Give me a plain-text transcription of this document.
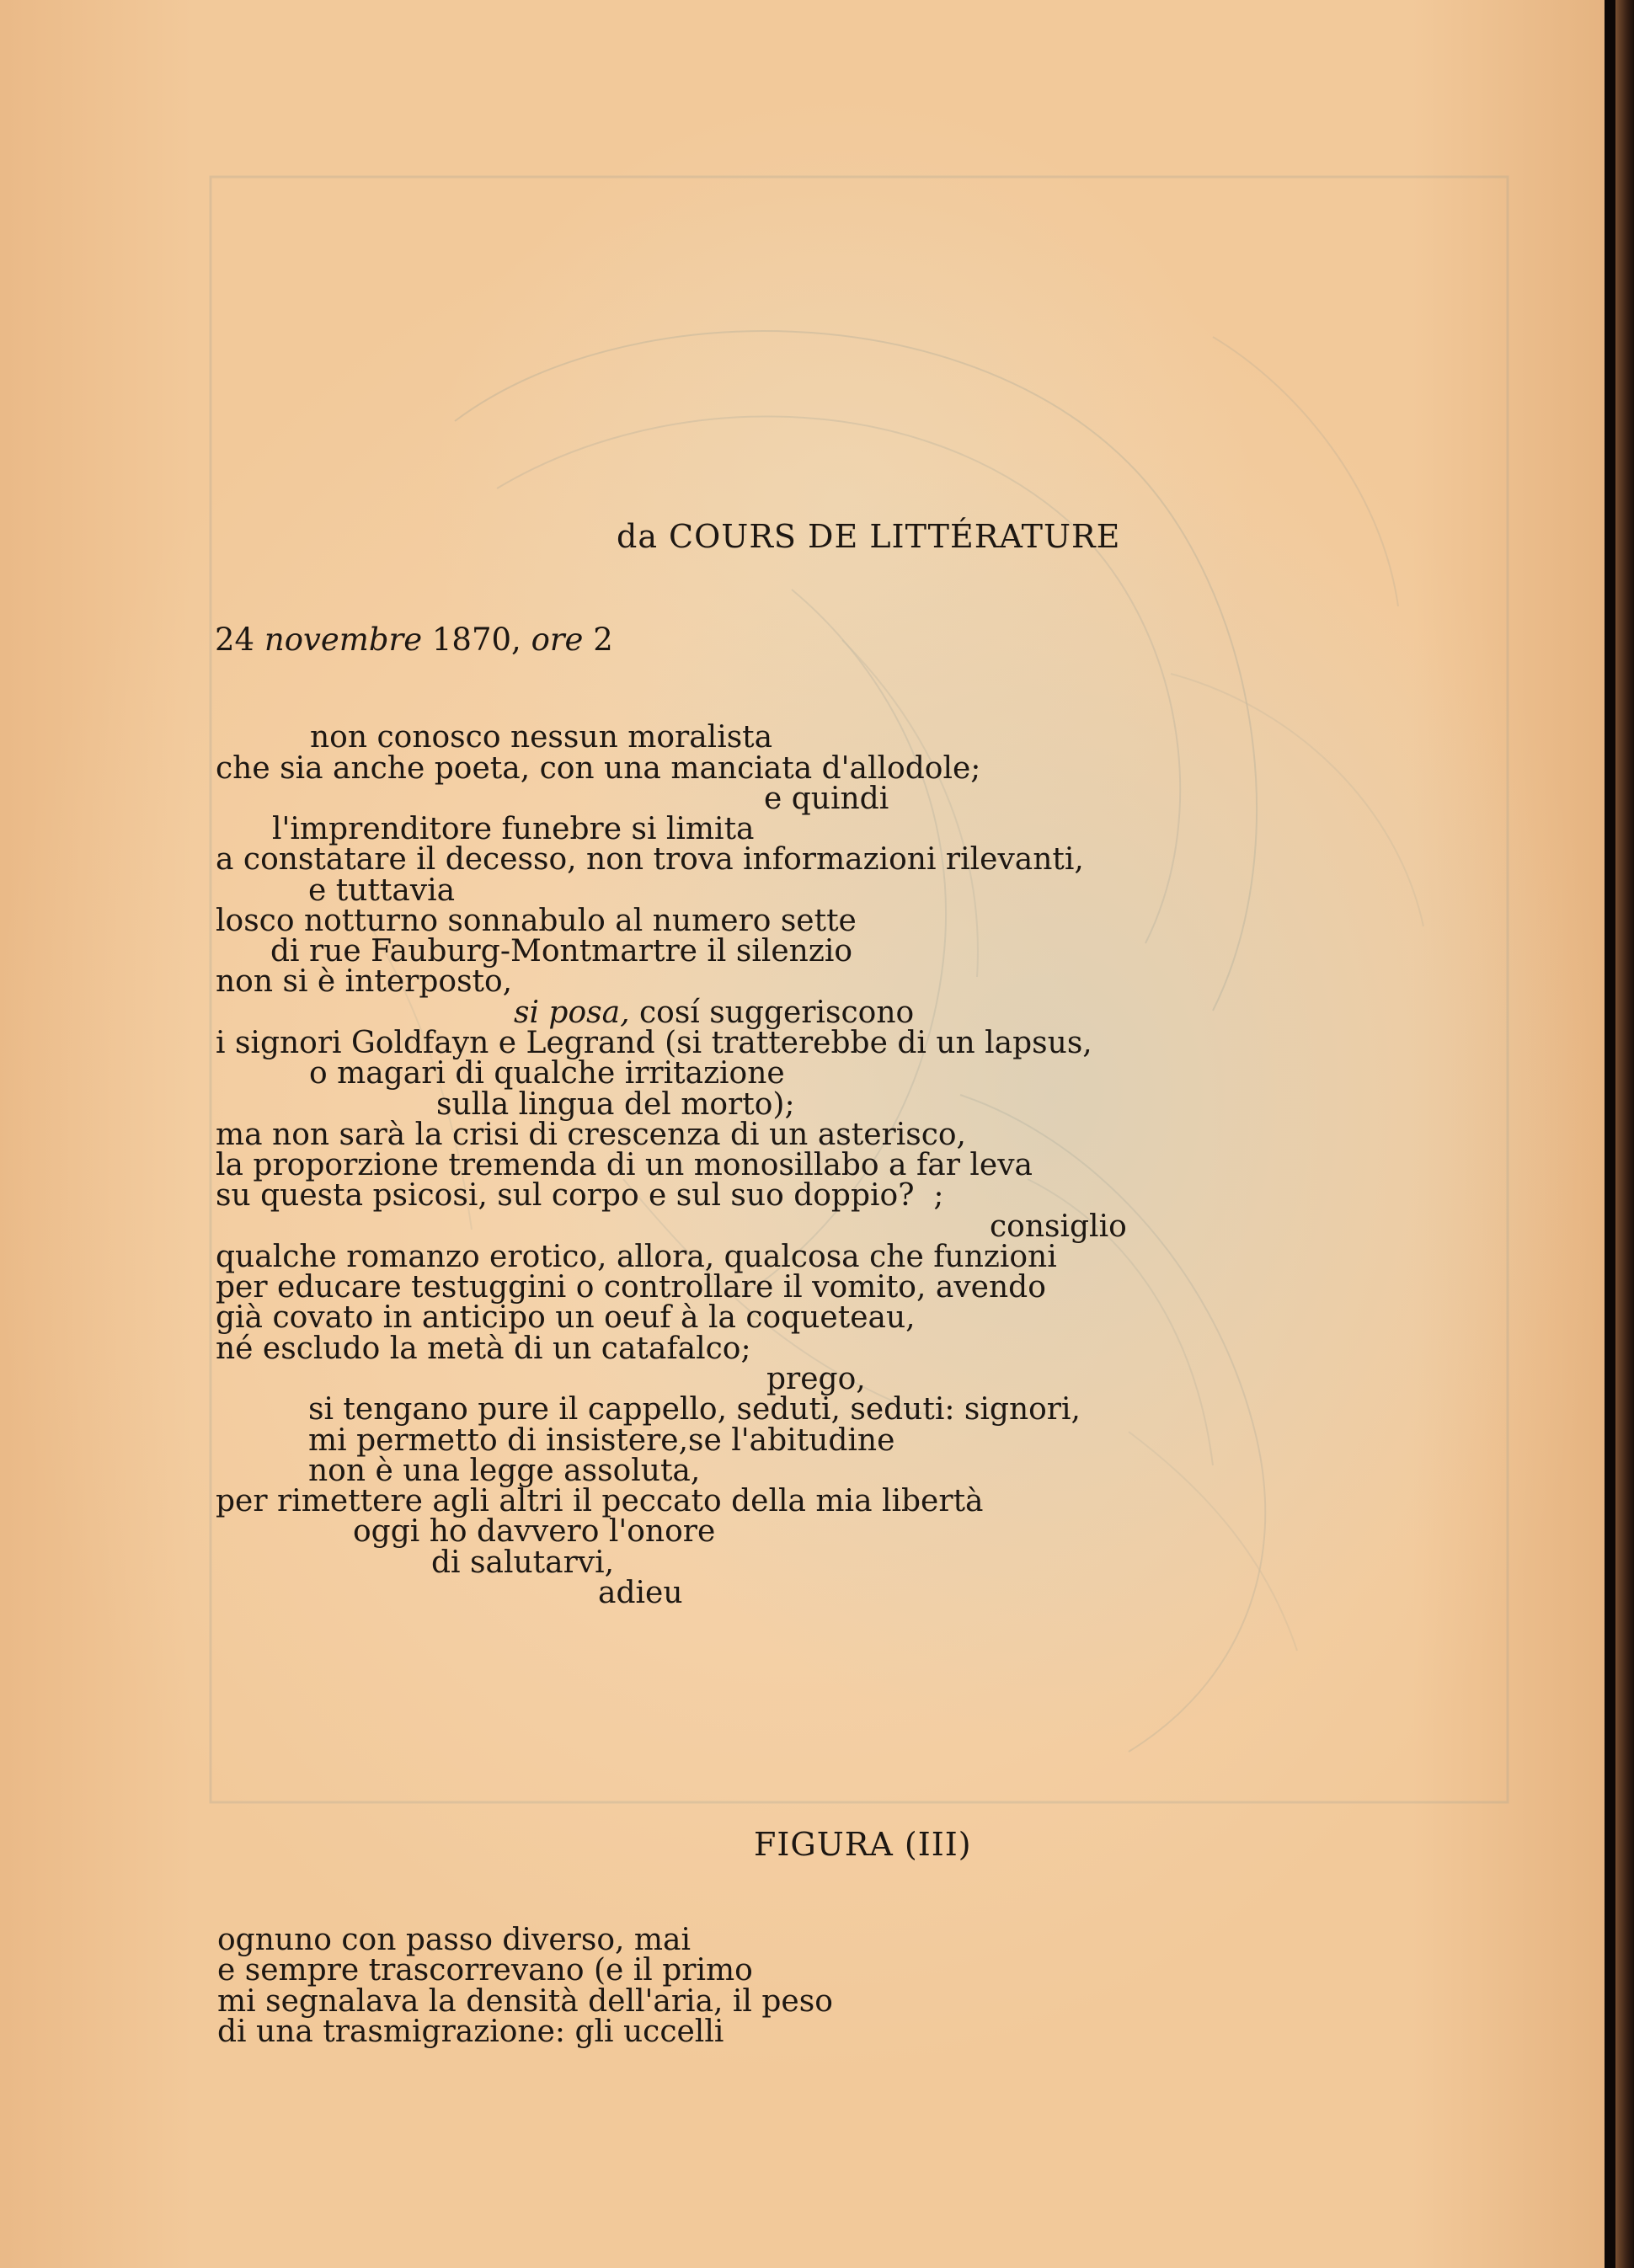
da COURS DE LITTÉRATURE
24 novembre 1870, ore 2
non conosco nessun moralista
che sia anche poeta, con una manciata d'allodole;
e quindi
l'imprenditore funebre si limita
a constatare il decesso, non trova informazioni rilevanti,
e tuttavia
losco notturno sonnabulo al numero sette
di rue Fauburg-Montmartre il silenzio
non si è interposto,
si posa, cosí suggeriscono
i signori Goldfayn e Legrand (si tratterebbe di un lapsus,
o magari di qualche irritazione
sulla lingua del morto);
ma non sarà la crisi di crescenza di un asterisco,
la proporzione tremenda di un monosillabo a far leva
su questa psicosi, sul corpo e sul suo doppio?  ;
consiglio
qualche romanzo erotico, allora, qualcosa che funzioni
per educare testuggini o controllare il vomito, avendo
già covato in anticipo un oeuf à la coqueteau,
né escludo la metà di un catafalco;
prego,
si tengano pure il cappello, seduti, seduti: signori,
mi permetto di insistere,se l'abitudine
non è una legge assoluta,
per rimettere agli altri il peccato della mia libertà
oggi ho davvero l'onore
di salutarvi,
adieu
FIGURA (III)
ognuno con passo diverso, mai
e sempre trascorrevano (e il primo
mi segnalava la densità dell'aria, il peso
di una trasmigrazione: gli uccelli
